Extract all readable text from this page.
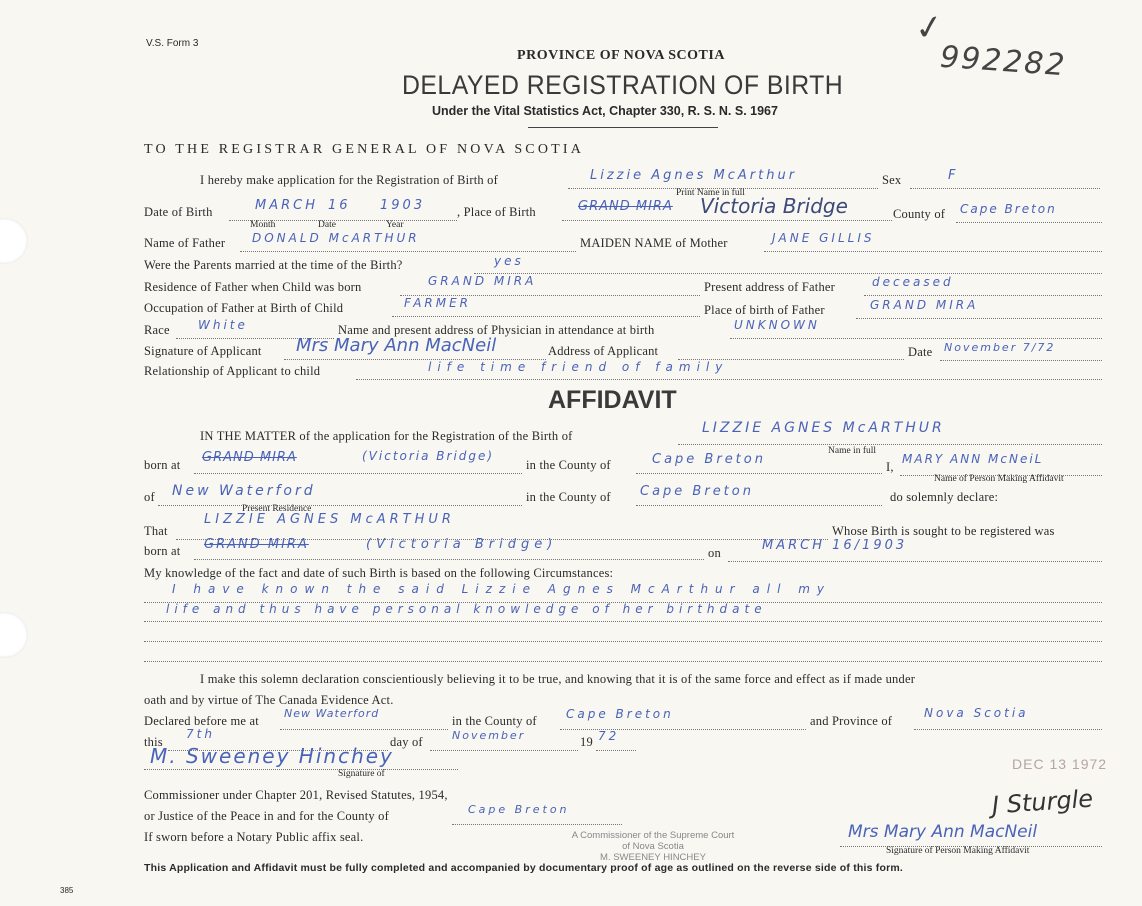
V.S. Form 3
PROVINCE OF NOVA SCOTIA
DELAYED REGISTRATION OF BIRTH
Under the Vital Statistics Act, Chapter 330, R. S. N. S. 1967
992282
✓
TO THE REGISTRAR GENERAL OF NOVA SCOTIA
I hereby make application for the Registration of Birth of	Lizzie Agnes McArthur	Sex	F
Print Name in full
Date of Birth	MARCH 16 1903
Month	Date	Year
, Place of Birth	GRAND MIRA Victoria Bridge	County of Cape Breton
Name of Father DONALD McARTHUR	MAIDEN NAME of Mother	JANE GILLIS
Were the Parents married at the time of the Birth?	yes
Residence of Father when Child was born	GRAND MIRA	Present address of Father	deceased
Occupation of Father at Birth of Child	FARMER	Place of birth of Father	GRAND MIRA
Race White	Name and present address of Physician in attendance at birth	UNKNOWN
Signature of Applicant Mrs Mary Ann MacNeil	Address of Applicant	Date November 7/72
Relationship of Applicant to child	life time friend of family
AFFIDAVIT
IN THE MATTER of the application for the Registration of the Birth of	LIZZIE AGNES McARTHUR
Name in full
born at GRAND MIRA	(Victoria Bridge)
in the County of	Cape Breton	I,
MARY ANN McNeiL
Name of Person Making Affidavit
of New Waterford
Present Residence
in the County of Cape Breton	do solemnly declare:
That
LIZZIE AGNES McARTHUR
Whose Birth is sought to be registered was
born at GRAND MIRA	(Victoria Bridge)
on	MARCH 16/1903
My knowledge of the fact and date of such Birth is based on the following Circumstances:
I have known the said Lizzie Agnes McArthur all my
life and thus have personal knowledge of her birthdate
I make this solemn declaration conscientiously believing it to be true, and knowing that it is of the same force and effect as if made under
oath and by virtue of The Canada Evidence Act.
Declared before me at
New Waterford
in the County of Cape Breton	and Province of
Nova Scotia
this
7th
day of	November	19 72
M. Sweeney Hinchey
Signature of
Commissioner under Chapter 201, Revised Statutes, 1954,
or Justice of the Peace in and for the County of	Cape Breton
If sworn before a Notary Public affix seal.	A Commissioner of the Supreme Court
of Nova Scotia
M. SWEENEY HINCHEY
DEC 13 1972
J Sturgle
Mrs Mary Ann MacNeil
Signature of Person Making Affidavit
This Application and Affidavit must be fully completed and accompanied by documentary proof of age as outlined on the reverse side of this form.
385
